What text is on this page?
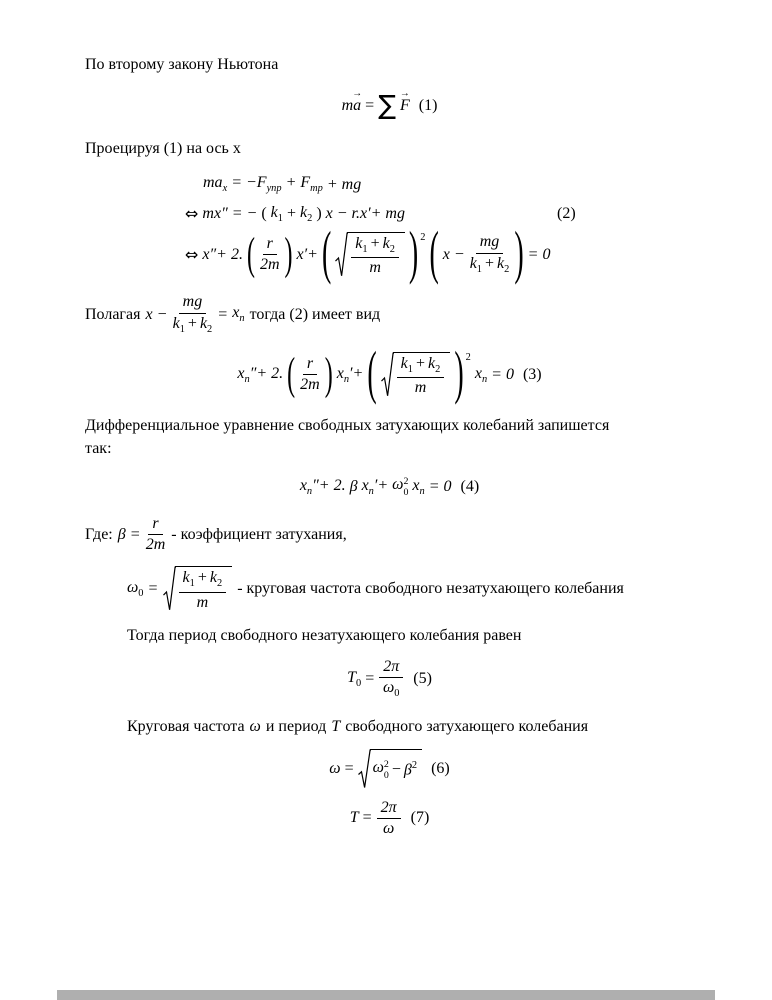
По второму закону Ньютона

m
→
a = ∑ →
F (1)

Проецируя (1) на ось x

$ma_x = -F_{упр} + F_{тр}$ + mg
⇔ mx″ = − ( $k_1 + k_2$ ) x − r.x′+ mg	(2)
⇔ x″+ 2. ( $\frac{r}{2m}$ ) x′+ ( $\frac{k_1 + k_2}{m}$ ) 2 ( $x - \frac{mg}{k_1 + k_2}$ ) = 0
Полагая $x - \frac{mg}{k_1 + k_2} = x_n$ тогда (2) имеет вид
$x_n''+ 2$. ( $\frac{r}{2m}$ ) $x_n'+$ ( $\frac{k_1 + k_2}{m}$ ) 2
$x_n = 0$ (3)
Дифференциальное уравнение свободных затухающих колебаний запишется
так:
$x_n''+ 2$. β $x_n'+ \omega$ 2
0 $x_n = 0$ (4)
Где: $\beta = \frac{r}{2m}$ - коэффициент затухания,
$\omega_0 = \frac{k_1 + k_2}{m}$ - круговая частота свободного незатухающего колебания

Тогда период свободного незатухающего колебания равен

$T_0 = \frac{2\pi}{\omega_0} (5)$
Круговая частота ω и период T свободного затухающего колебания
ω = ω 2
$0 - \beta^2$ (6)
$T = \frac{2\pi}{\omega} (7)$
